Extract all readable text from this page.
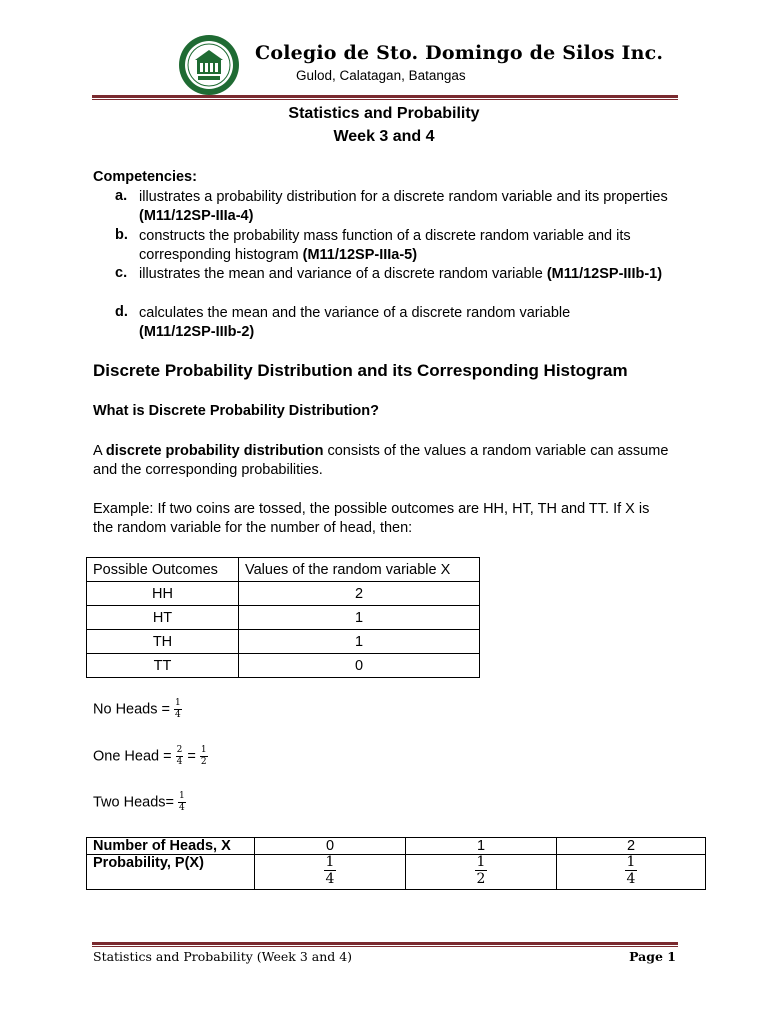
Colegio de Sto. Domingo de Silos Inc.
Gulod, Calatagan, Batangas
Statistics and Probability
Week 3 and 4
Competencies:
a. illustrates a probability distribution for a discrete random variable and its properties (M11/12SP-IIIa-4)
b. constructs the probability mass function of a discrete random variable and its corresponding histogram (M11/12SP-IIIa-5)
c. illustrates the mean and variance of a discrete random variable (M11/12SP-IIIb-1)
d. calculates the mean and the variance of a discrete random variable
(M11/12SP-IIIb-2)
Discrete Probability Distribution and its Corresponding Histogram
What is Discrete Probability Distribution?
A discrete probability distribution consists of the values a random variable can assume and the corresponding probabilities.
Example: If two coins are tossed, the possible outcomes are HH, HT, TH and TT. If X is the random variable for the number of head, then:
Possible Outcomes	Values of the random variable X
HH	2
HT	1
TH	1
TT	0
No Heads = $\frac{1}{4}$
One Head = $\frac{2}{4} = \frac{1}{2}$
Two Heads= $\frac{1}{4}$
Number of Heads, X	0	1	2
Probability, P(X)	$\frac{1}{4}$	$\frac{1}{2}$	$\frac{1}{4}$
Statistics and Probability (Week 3 and 4)	Page 1
